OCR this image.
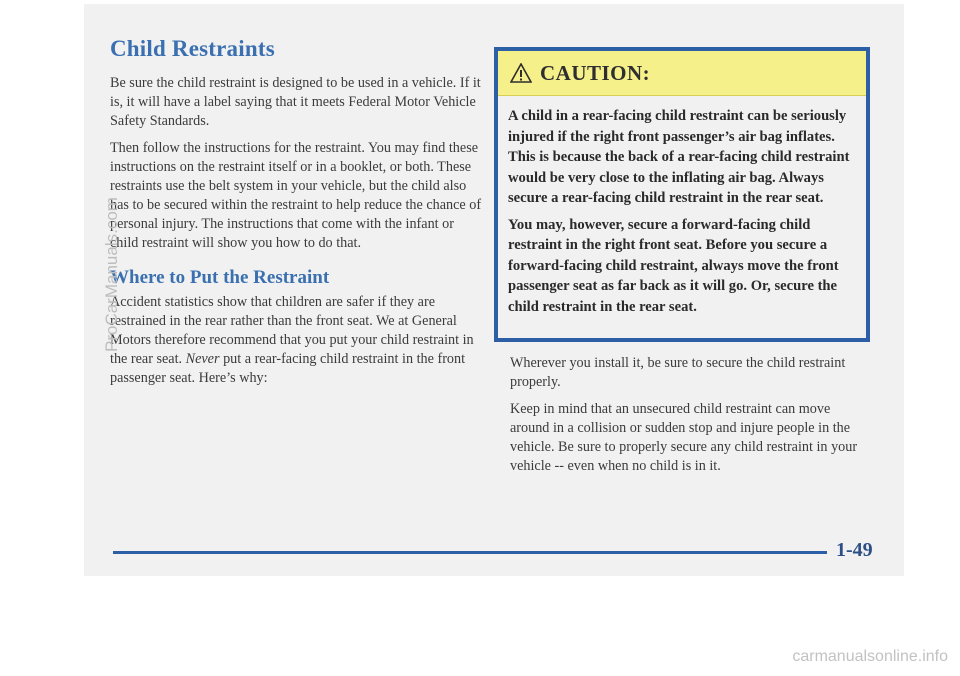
Child Restraints

Be sure the child restraint is designed to be used in a vehicle. If it is, it will have a label saying that it meets Federal Motor Vehicle Safety Standards.

Then follow the instructions for the restraint. You may find these instructions on the restraint itself or in a booklet, or both. These restraints use the belt system in your vehicle, but the child also has to be secured within the restraint to help reduce the chance of personal injury. The instructions that come with the infant or child restraint will show you how to do that.

Where to Put the Restraint

Accident statistics show that children are safer if they are restrained in the rear rather than the front seat. We at General Motors therefore recommend that you put your child restraint in the rear seat. Never put a rear-facing child restraint in the front passenger seat. Here’s why:

CAUTION:

A child in a rear-facing child restraint can be seriously injured if the right front passenger’s air bag inflates. This is because the back of a rear-facing child restraint would be very close to the inflating air bag. Always secure a rear-facing child restraint in the rear seat.

You may, however, secure a forward-facing child restraint in the right front seat. Before you secure a forward-facing child restraint, always move the front passenger seat as far back as it will go. Or, secure the child restraint in the rear seat.

Wherever you install it, be sure to secure the child restraint properly.

Keep in mind that an unsecured child restraint can move around in a collision or sudden stop and injure people in the vehicle. Be sure to properly secure any child restraint in your vehicle -- even when no child is in it.

1-49
ProCarManuals.com
carmanualsonline.info
